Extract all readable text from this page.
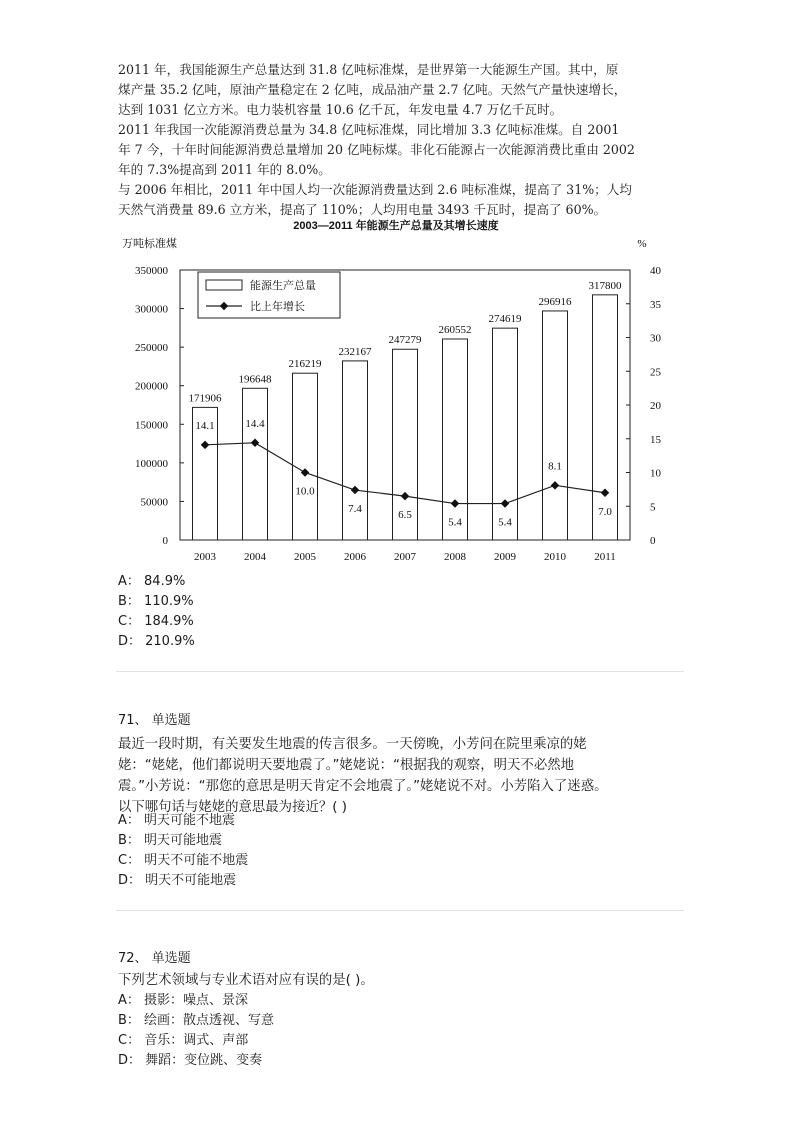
2011 年，我国能源生产总量达到 31.8 亿吨标准煤，是世界第一大能源生产国。其中，原

煤产量 35.2 亿吨，原油产量稳定在 2 亿吨，成品油产量 2.7 亿吨。天然气产量快速增长，

达到 1031 亿立方米。电力装机容量 10.6 亿千瓦，年发电量 4.7 万亿千瓦时。

2011 年我国一次能源消费总量为 34.8 亿吨标准煤，同比增加 3.3 亿吨标准煤。自 2001

年 7 今，十年时间能源消费总量增加 20 亿吨标煤。非化石能源占一次能源消费比重由 2002

年的 7.3%提高到 2011 年的 8.0%。

与 2006 年相比，2011 年中国人均一次能源消费量达到 2.6 吨标准煤，提高了 31%；人均

天然气消费量 89.6 立方米，提高了 110%；人均用电量 3493 千瓦时，提高了 60%。

2003—2011 年能源生产总量及其增长速度
万吨标准煤	%
0
50000
100000
150000
200000
250000
300000
350000
0
5
10
15
20
25
30
35
40
171906
196648
216219
232167
247279
260552
274619
296916
317800
14.1	14.4
10.0
7.4
6.5
5.4	5.4
8.1
7.0
2003	2004	2005	2006	2007	2008	2009	2010	2011
能源生产总量
比上年增长
A： 84.9%
B： 110.9%
C： 184.9%
D： 210.9%
71、 单选题

最近一段时期，有关要发生地震的传言很多。一天傍晚，小芳问在院里乘凉的姥

姥：“姥姥，他们都说明天要地震了。”姥姥说：“根据我的观察，明天不必然地

震。”小芳说：“那您的意思是明天肯定不会地震了。”姥姥说不对。小芳陷入了迷惑。

以下哪句话与姥姥的意思最为接近？( )

A： 明天可能不地震
B： 明天可能地震
C： 明天不可能不地震
D： 明天不可能地震
72、 单选题

下列艺术领域与专业术语对应有误的是( )。

A： 摄影：噪点、景深
B： 绘画：散点透视、写意
C： 音乐：调式、声部
D： 舞蹈：变位跳、变奏
